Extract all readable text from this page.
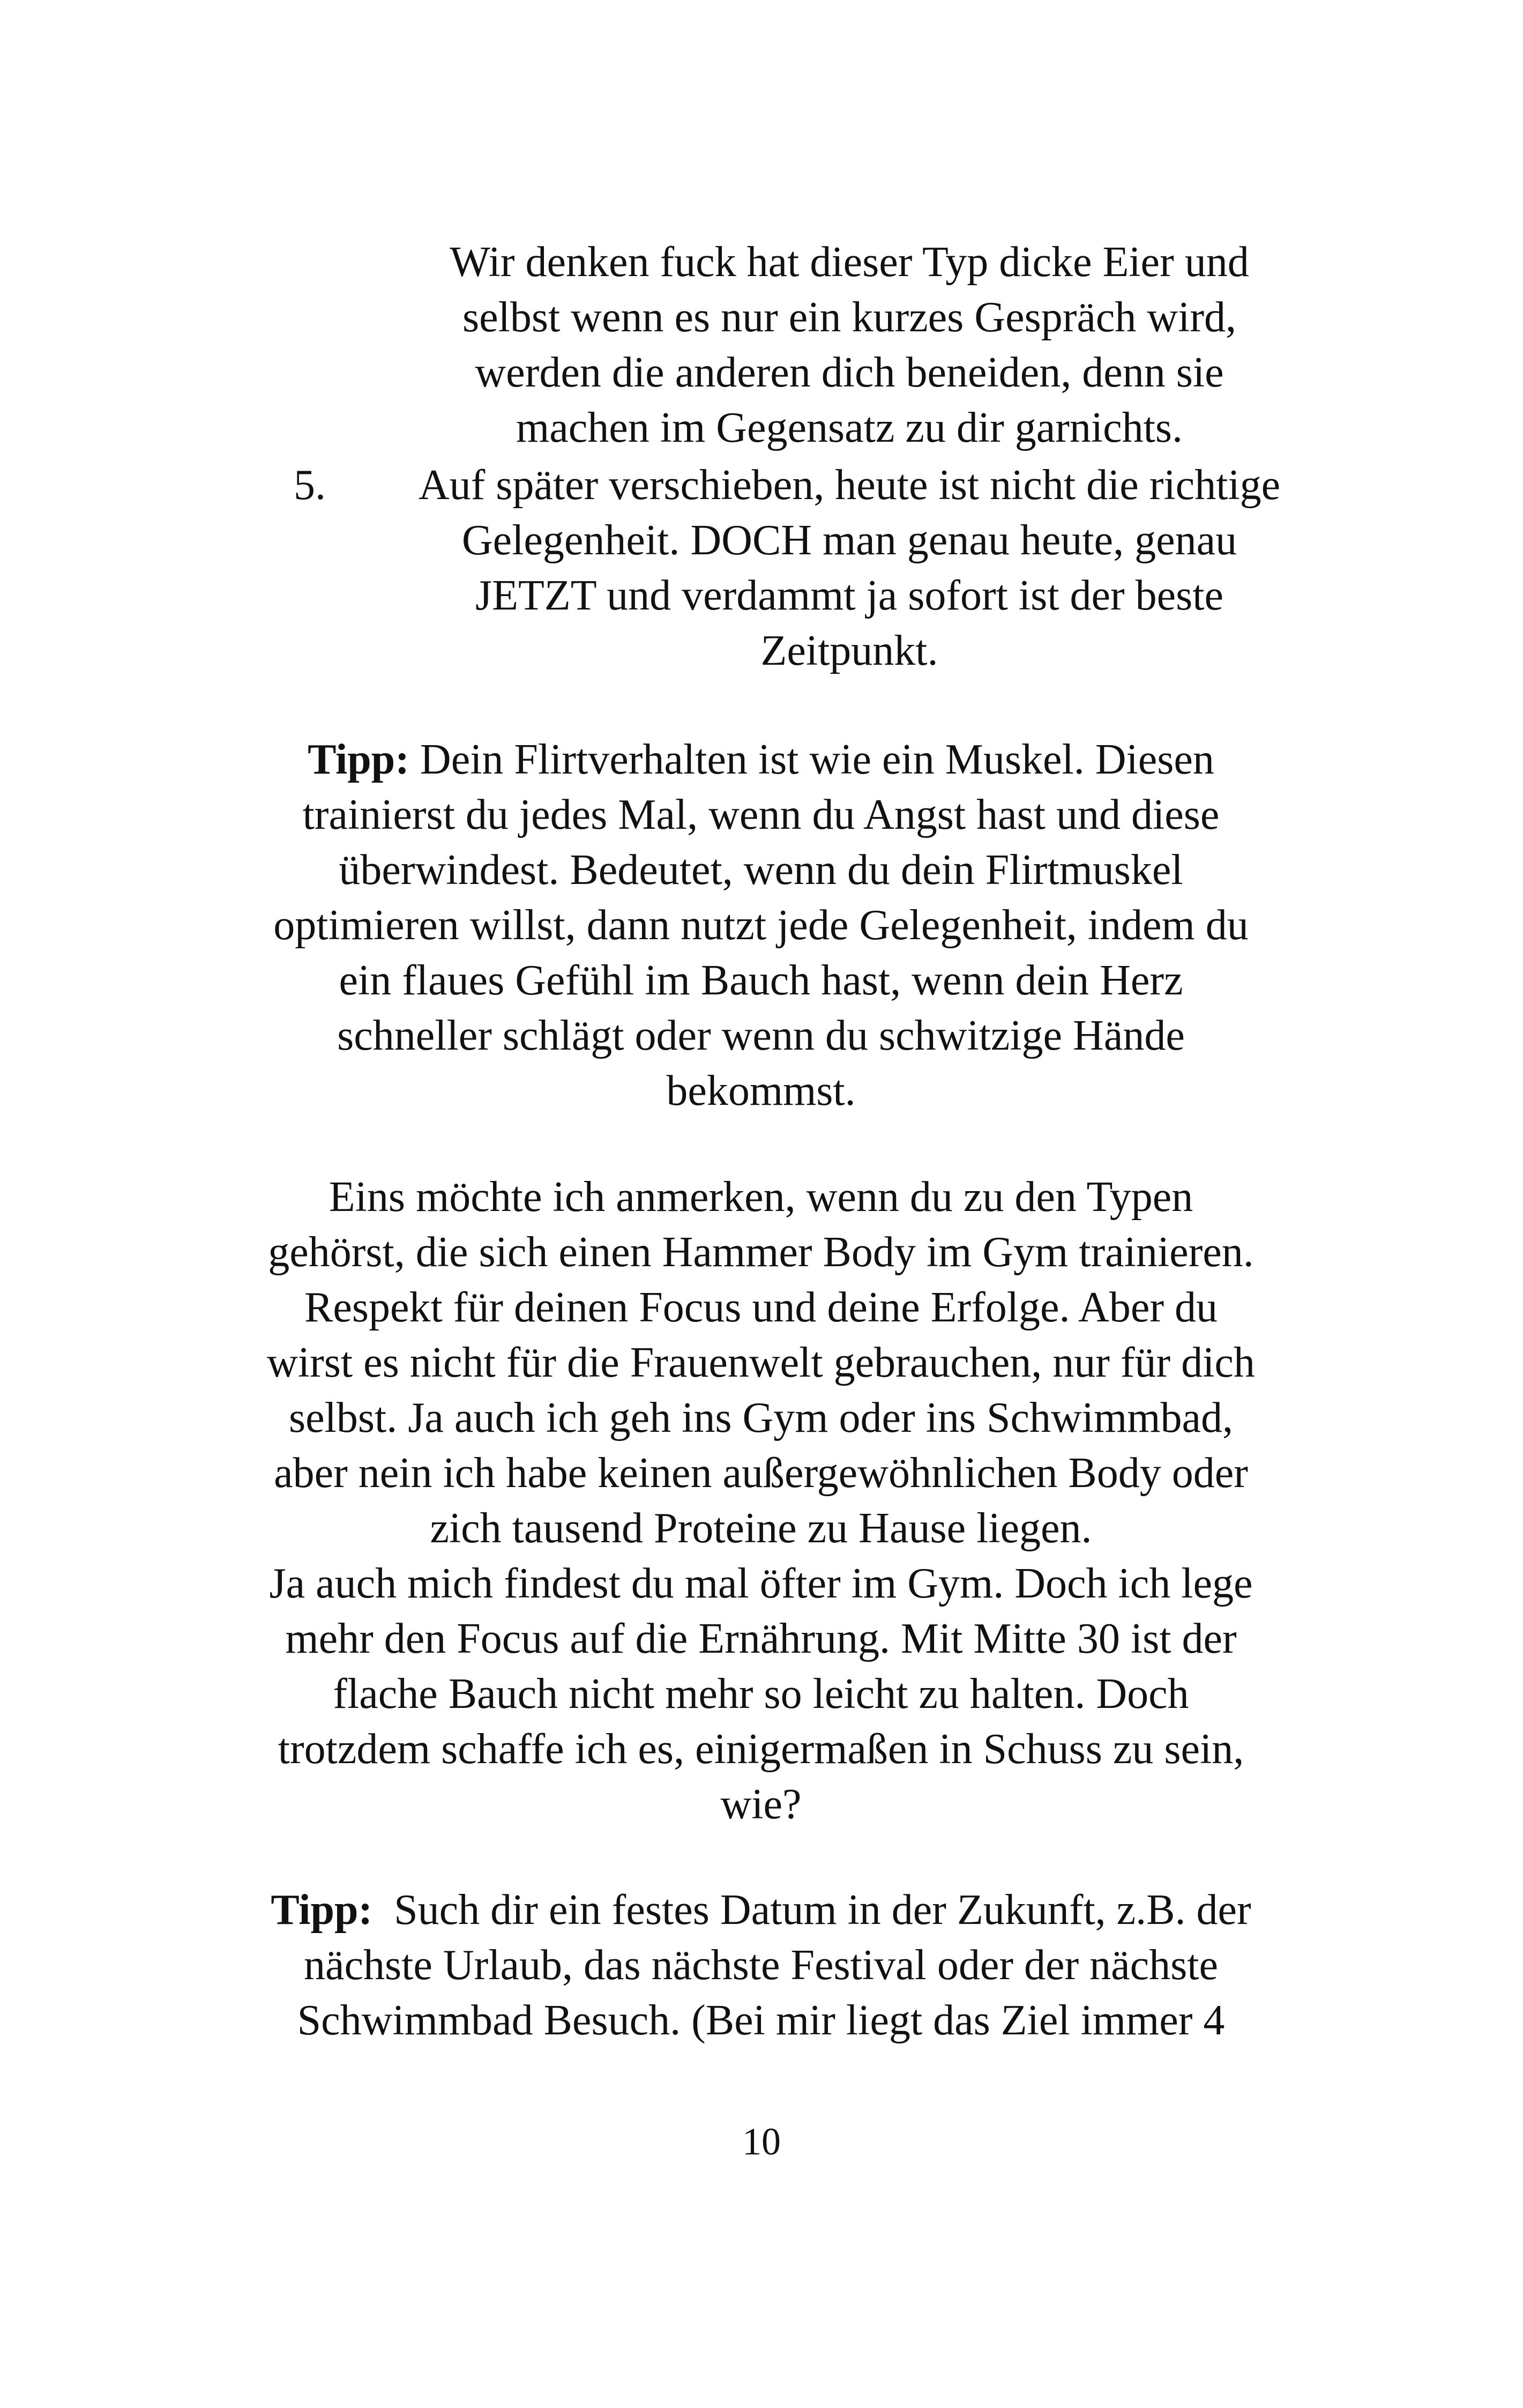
Wir denken fuck hat dieser Typ dicke Eier und
selbst wenn es nur ein kurzes Gespräch wird,
werden die anderen dich beneiden, denn sie
machen im Gegensatz zu dir garnichts.
5.	Auf später verschieben, heute ist nicht die richtige
Gelegenheit. DOCH man genau heute, genau
JETZT und verdammt ja sofort ist der beste
Zeitpunkt.
Tipp: Dein Flirtverhalten ist wie ein Muskel. Diesen
trainierst du jedes Mal, wenn du Angst hast und diese
überwindest. Bedeutet, wenn du dein Flirtmuskel
optimieren willst, dann nutzt jede Gelegenheit, indem du
ein flaues Gefühl im Bauch hast, wenn dein Herz
schneller schlägt oder wenn du schwitzige Hände
bekommst.
Eins möchte ich anmerken, wenn du zu den Typen
gehörst, die sich einen Hammer Body im Gym trainieren.
Respekt für deinen Focus und deine Erfolge. Aber du
wirst es nicht für die Frauenwelt gebrauchen, nur für dich
selbst. Ja auch ich geh ins Gym oder ins Schwimmbad,
aber nein ich habe keinen außergewöhnlichen Body oder
zich tausend Proteine zu Hause liegen.
Ja auch mich findest du mal öfter im Gym. Doch ich lege
mehr den Focus auf die Ernährung. Mit Mitte 30 ist der
flache Bauch nicht mehr so leicht zu halten. Doch
trotzdem schaffe ich es, einigermaßen in Schuss zu sein,
wie?
Tipp:  Such dir ein festes Datum in der Zukunft, z.B. der
nächste Urlaub, das nächste Festival oder der nächste
Schwimmbad Besuch. (Bei mir liegt das Ziel immer 4
10
